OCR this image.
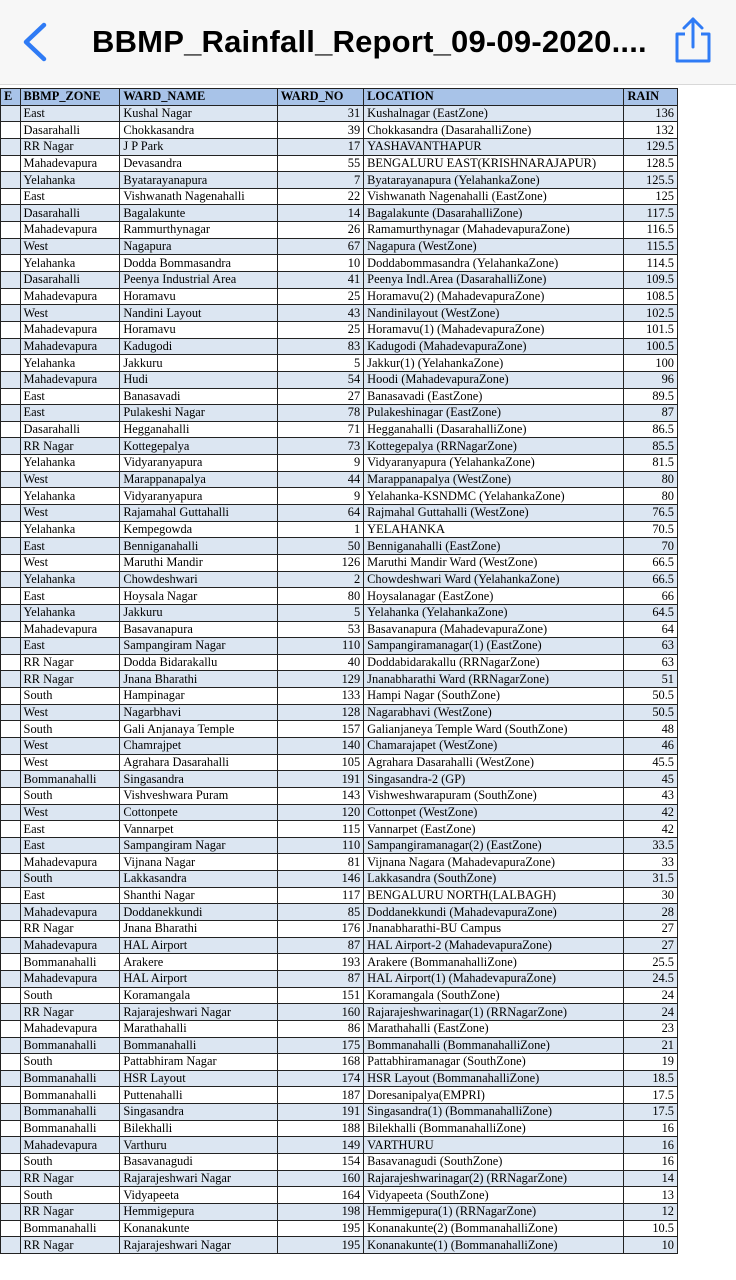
BBMP_Rainfall_Report_09-09-2020....
E	BBMP_ZONE	WARD_NAME	WARD_NO	LOCATION	RAIN
	East	Kushal Nagar	31	Kushalnagar (EastZone)	136
	Dasarahalli	Chokkasandra	39	Chokkasandra (DasarahalliZone)	132
	RR Nagar	J P Park	17	YASHAVANTHAPUR	129.5
	Mahadevapura	Devasandra	55	BENGALURU EAST(KRISHNARAJAPUR)	128.5
	Yelahanka	Byatarayanapura	7	Byatarayanapura (YelahankaZone)	125.5
	East	Vishwanath Nagenahalli	22	Vishwanath Nagenahalli (EastZone)	125
	Dasarahalli	Bagalakunte	14	Bagalakunte (DasarahalliZone)	117.5
	Mahadevapura	Rammurthynagar	26	Ramamurthynagar (MahadevapuraZone)	116.5
	West	Nagapura	67	Nagapura (WestZone)	115.5
	Yelahanka	Dodda Bommasandra	10	Doddabommasandra (YelahankaZone)	114.5
	Dasarahalli	Peenya Industrial Area	41	Peenya Indl.Area (DasarahalliZone)	109.5
	Mahadevapura	Horamavu	25	Horamavu(2) (MahadevapuraZone)	108.5
	West	Nandini Layout	43	Nandinilayout (WestZone)	102.5
	Mahadevapura	Horamavu	25	Horamavu(1) (MahadevapuraZone)	101.5
	Mahadevapura	Kadugodi	83	Kadugodi (MahadevapuraZone)	100.5
	Yelahanka	Jakkuru	5	Jakkur(1) (YelahankaZone)	100
	Mahadevapura	Hudi	54	Hoodi (MahadevapuraZone)	96
	East	Banasavadi	27	Banasavadi (EastZone)	89.5
	East	Pulakeshi Nagar	78	Pulakeshinagar (EastZone)	87
	Dasarahalli	Hegganahalli	71	Hegganahalli (DasarahalliZone)	86.5
	RR Nagar	Kottegepalya	73	Kottegepalya (RRNagarZone)	85.5
	Yelahanka	Vidyaranyapura	9	Vidyaranyapura (YelahankaZone)	81.5
	West	Marappanapalya	44	Marappanapalya (WestZone)	80
	Yelahanka	Vidyaranyapura	9	Yelahanka-KSNDMC (YelahankaZone)	80
	West	Rajamahal Guttahalli	64	Rajmahal Guttahalli (WestZone)	76.5
	Yelahanka	Kempegowda	1	YELAHANKA	70.5
	East	Benniganahalli	50	Benniganahalli (EastZone)	70
	West	Maruthi Mandir	126	Maruthi Mandir Ward (WestZone)	66.5
	Yelahanka	Chowdeshwari	2	Chowdeshwari Ward (YelahankaZone)	66.5
	East	Hoysala Nagar	80	Hoysalanagar (EastZone)	66
	Yelahanka	Jakkuru	5	Yelahanka (YelahankaZone)	64.5
	Mahadevapura	Basavanapura	53	Basavanapura (MahadevapuraZone)	64
	East	Sampangiram Nagar	110	Sampangiramanagar(1) (EastZone)	63
	RR Nagar	Dodda Bidarakallu	40	Doddabidarakallu (RRNagarZone)	63
	RR Nagar	Jnana Bharathi	129	Jnanabharathi Ward (RRNagarZone)	51
	South	Hampinagar	133	Hampi Nagar (SouthZone)	50.5
	West	Nagarbhavi	128	Nagarabhavi (WestZone)	50.5
	South	Gali Anjanaya Temple	157	Galianjaneya Temple Ward (SouthZone)	48
	West	Chamrajpet	140	Chamarajapet (WestZone)	46
	West	Agrahara Dasarahalli	105	Agrahara Dasarahalli (WestZone)	45.5
	Bommanahalli	Singasandra	191	Singasandra-2 (GP)	45
	South	Vishveshwara Puram	143	Vishweshwarapuram (SouthZone)	43
	West	Cottonpete	120	Cottonpet (WestZone)	42
	East	Vannarpet	115	Vannarpet (EastZone)	42
	East	Sampangiram Nagar	110	Sampangiramanagar(2) (EastZone)	33.5
	Mahadevapura	Vijnana Nagar	81	Vijnana Nagara (MahadevapuraZone)	33
	South	Lakkasandra	146	Lakkasandra (SouthZone)	31.5
	East	Shanthi Nagar	117	BENGALURU NORTH(LALBAGH)	30
	Mahadevapura	Doddanekkundi	85	Doddanekkundi (MahadevapuraZone)	28
	RR Nagar	Jnana Bharathi	176	Jnanabharathi-BU Campus	27
	Mahadevapura	HAL Airport	87	HAL Airport-2 (MahadevapuraZone)	27
	Bommanahalli	Arakere	193	Arakere (BommanahalliZone)	25.5
	Mahadevapura	HAL Airport	87	HAL Airport(1) (MahadevapuraZone)	24.5
	South	Koramangala	151	Koramangala (SouthZone)	24
	RR Nagar	Rajarajeshwari Nagar	160	Rajarajeshwarinagar(1) (RRNagarZone)	24
	Mahadevapura	Marathahalli	86	Marathahalli (EastZone)	23
	Bommanahalli	Bommanahalli	175	Bommanahalli (BommanahalliZone)	21
	South	Pattabhiram Nagar	168	Pattabhiramanagar (SouthZone)	19
	Bommanahalli	HSR Layout	174	HSR Layout (BommanahalliZone)	18.5
	Bommanahalli	Puttenahalli	187	Doresanipalya(EMPRI)	17.5
	Bommanahalli	Singasandra	191	Singasandra(1) (BommanahalliZone)	17.5
	Bommanahalli	Bilekhalli	188	Bilekhalli (BommanahalliZone)	16
	Mahadevapura	Varthuru	149	VARTHURU	16
	South	Basavanagudi	154	Basavanagudi (SouthZone)	16
	RR Nagar	Rajarajeshwari Nagar	160	Rajarajeshwarinagar(2) (RRNagarZone)	14
	South	Vidyapeeta	164	Vidyapeeta (SouthZone)	13
	RR Nagar	Hemmigepura	198	Hemmigepura(1) (RRNagarZone)	12
	Bommanahalli	Konanakunte	195	Konanakunte(2) (BommanahalliZone)	10.5
	RR Nagar	Rajarajeshwari Nagar	195	Konanakunte(1) (BommanahalliZone)	10
